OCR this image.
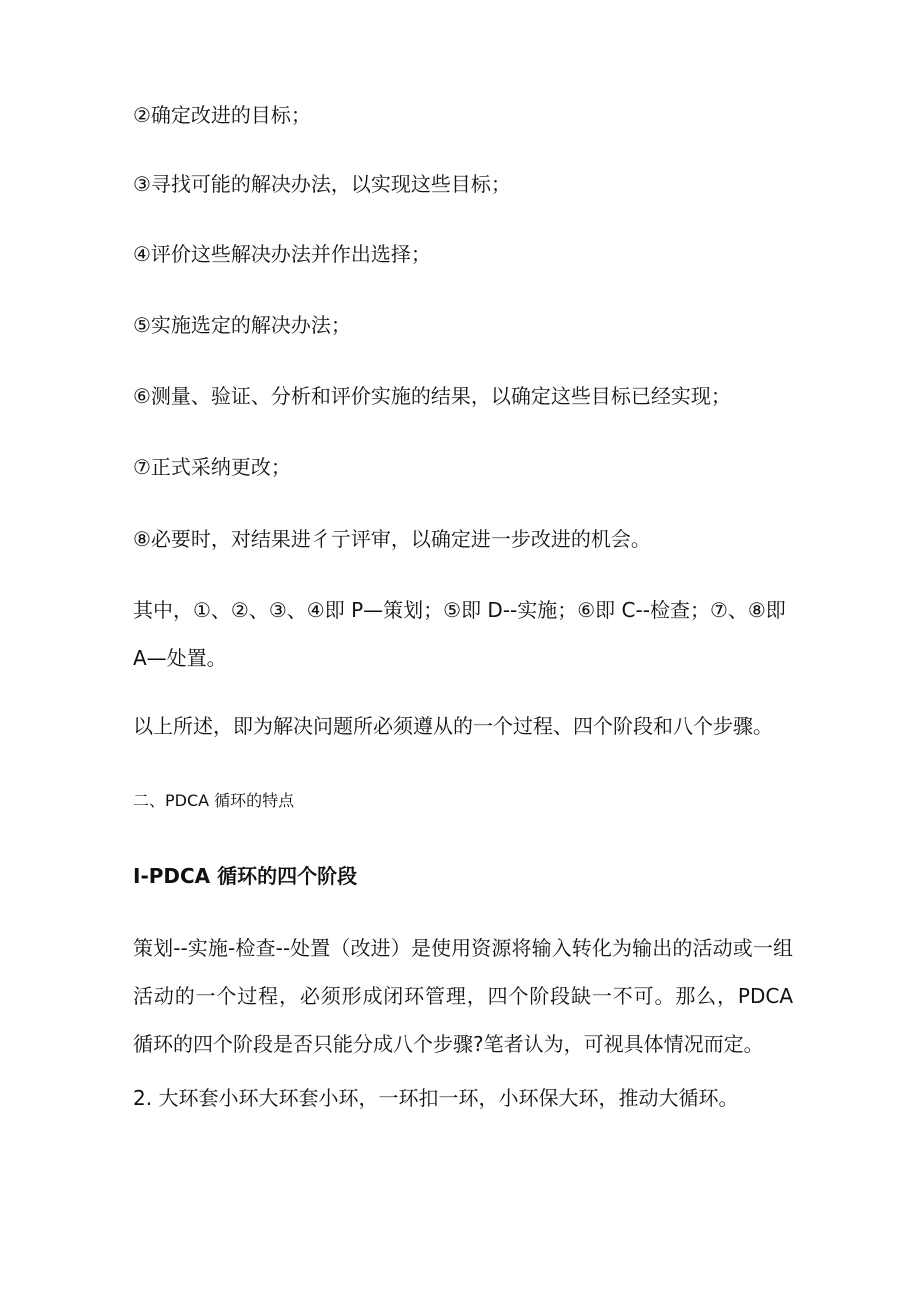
②确定改进的目标；

③寻找可能的解决办法，以实现这些目标；

④评价这些解决办法并作出选择；

⑤实施选定的解决办法；

⑥测量、验证、分析和评价实施的结果，以确定这些目标已经实现；

⑦正式采纳更改；

⑧必要时，对结果进彳亍评审，以确定进一步改进的机会。

其中，①、②、③、④即 P—策划；⑤即 D--实施；⑥即 C--检查；⑦、⑧即

A—处置。

以上所述，即为解决问题所必须遵从的一个过程、四个阶段和八个步骤。

二、PDCA 循环的特点

I-PDCA 循环的四个阶段

策划--实施-检查--处置（改进）是使用资源将输入转化为输出的活动或一组活动的一个过程，必须形成闭环管理，四个阶段缺一不可。那么，PDCA 循环的四个阶段是否只能分成八个步骤?笔者认为，可视具体情况而定。

2. 大环套小环大环套小环，一环扣一环，小环保大环，推动大循环。
